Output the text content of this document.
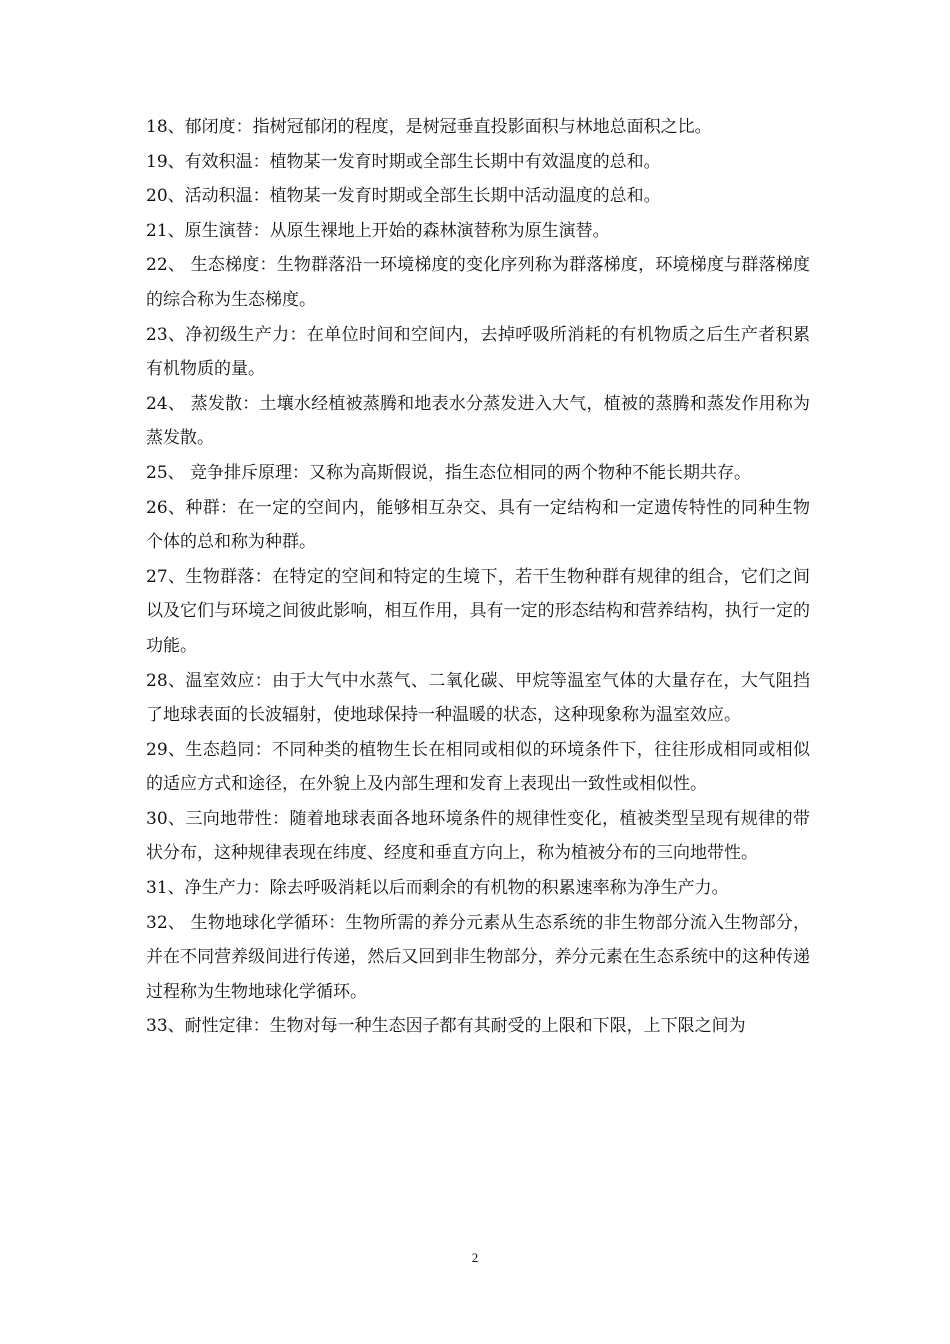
18、郁闭度：指树冠郁闭的程度，是树冠垂直投影面积与林地总面积之比。

19、有效积温：植物某一发育时期或全部生长期中有效温度的总和。

20、活动积温：植物某一发育时期或全部生长期中活动温度的总和。

21、原生演替：从原生裸地上开始的森林演替称为原生演替。

22、 生态梯度：生物群落沿一环境梯度的变化序列称为群落梯度，环境梯度与群落梯度的综合称为生态梯度。

23、净初级生产力：在单位时间和空间内，去掉呼吸所消耗的有机物质之后生产者积累有机物质的量。

24、 蒸发散：土壤水经植被蒸腾和地表水分蒸发进入大气，植被的蒸腾和蒸发作用称为蒸发散。

25、 竞争排斥原理：又称为高斯假说，指生态位相同的两个物种不能长期共存。

26、种群：在一定的空间内，能够相互杂交、具有一定结构和一定遗传特性的同种生物个体的总和称为种群。

27、生物群落：在特定的空间和特定的生境下，若干生物种群有规律的组合，它们之间以及它们与环境之间彼此影响，相互作用，具有一定的形态结构和营养结构，执行一定的功能。

28、温室效应：由于大气中水蒸气、二氧化碳、甲烷等温室气体的大量存在，大气阻挡了地球表面的长波辐射，使地球保持一种温暖的状态，这种现象称为温室效应。

29、生态趋同：不同种类的植物生长在相同或相似的环境条件下，往往形成相同或相似的适应方式和途径，在外貌上及内部生理和发育上表现出一致性或相似性。

30、三向地带性：随着地球表面各地环境条件的规律性变化，植被类型呈现有规律的带状分布，这种规律表现在纬度、经度和垂直方向上，称为植被分布的三向地带性。

31、净生产力：除去呼吸消耗以后而剩余的有机物的积累速率称为净生产力。

32、 生物地球化学循环：生物所需的养分元素从生态系统的非生物部分流入生物部分，并在不同营养级间进行传递，然后又回到非生物部分，养分元素在生态系统中的这种传递过程称为生物地球化学循环。

33、耐性定律：生物对每一种生态因子都有其耐受的上限和下限，上下限之间为

2
